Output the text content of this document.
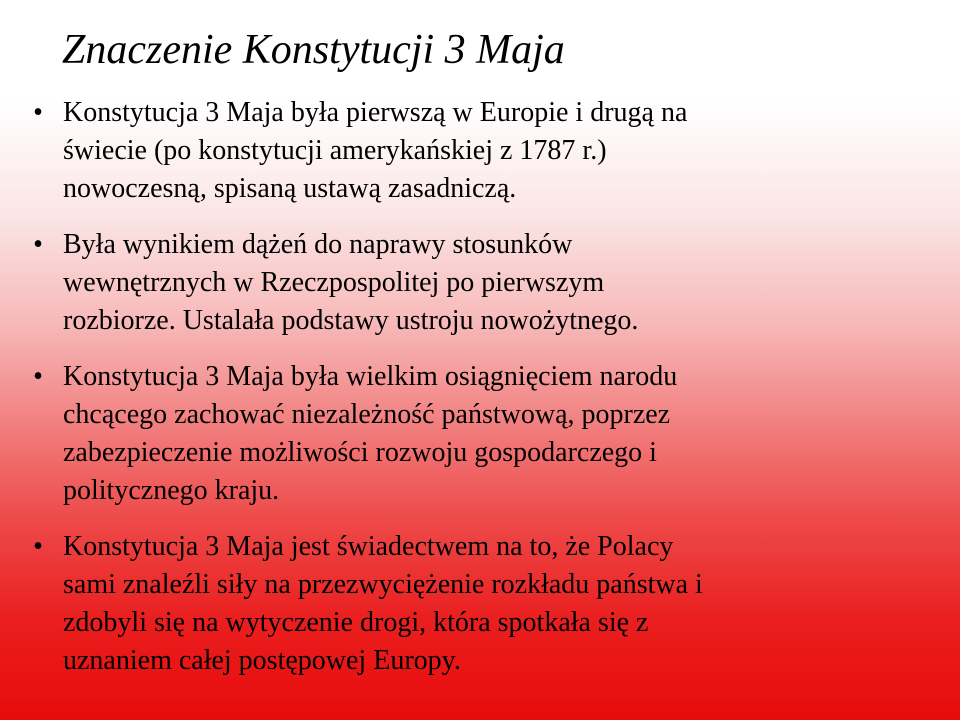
Znaczenie Konstytucji 3 Maja
• Konstytucja 3 Maja była pierwszą w Europie i drugą na
świecie (po konstytucji amerykańskiej z 1787 r.)
nowoczesną, spisaną ustawą zasadniczą.
• Była wynikiem dążeń do naprawy stosunków
wewnętrznych w Rzeczpospolitej po pierwszym
rozbiorze. Ustalała podstawy ustroju nowożytnego.
• Konstytucja 3 Maja była wielkim osiągnięciem narodu
chcącego zachować niezależność państwową, poprzez
zabezpieczenie możliwości rozwoju gospodarczego i
politycznego kraju.
• Konstytucja 3 Maja jest świadectwem na to, że Polacy
sami znaleźli siły na przezwyciężenie rozkładu państwa i
zdobyli się na wytyczenie drogi, która spotkała się z
uznaniem całej postępowej Europy.
